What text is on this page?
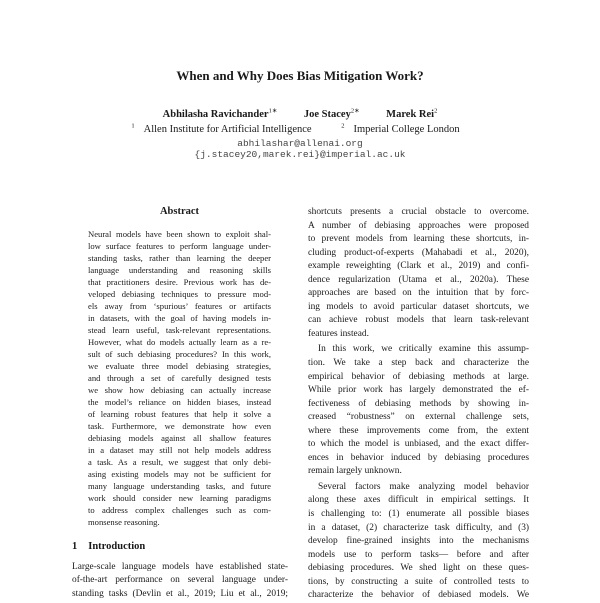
When and Why Does Bias Mitigation Work?
Abhilasha Ravichander$^{1∗}$	Joe Stacey$^{2∗}$	Marek Rei$^2$
$^1$ Allen Institute for Artificial Intelligence	$^2$ Imperial College London
abhilashar@allenai.org
{j.stacey20,marek.rei}@imperial.ac.uk
Abstract
Neural models have been shown to exploit shal-
low surface features to perform language under-
standing tasks, rather than learning the deeper
language understanding and reasoning skills
that practitioners desire. Previous work has de-
veloped debiasing techniques to pressure mod-
els away from ‘spurious’ features or artifacts
in datasets, with the goal of having models in-
stead learn useful, task-relevant representations.
However, what do models actually learn as a re-
sult of such debiasing procedures? In this work,
we evaluate three model debiasing strategies,
and through a set of carefully designed tests
we show how debiasing can actually increase
the model’s reliance on hidden biases, instead
of learning robust features that help it solve a
task. Furthermore, we demonstrate how even
debiasing models against all shallow features
in a dataset may still not help models address
a task. As a result, we suggest that only debi-
asing existing models may not be sufficient for
many language understanding tasks, and future
work should consider new learning paradigms
to address complex challenges such as com-
monsense reasoning.
1 Introduction
Large-scale language models have established state-
of-the-art performance on several language under-
standing tasks (Devlin et al., 2019; Liu et al., 2019;
shortcuts presents a crucial obstacle to overcome.
A number of debiasing approaches were proposed
to prevent models from learning these shortcuts, in-
cluding product-of-experts (Mahabadi et al., 2020),
example reweighting (Clark et al., 2019) and confi-
dence regularization (Utama et al., 2020a). These
approaches are based on the intuition that by forc-
ing models to avoid particular dataset shortcuts, we
can achieve robust models that learn task-relevant
features instead.
In this work, we critically examine this assump-
tion. We take a step back and characterize the
empirical behavior of debiasing methods at large.
While prior work has largely demonstrated the ef-
fectiveness of debiasing methods by showing in-
creased “robustness” on external challenge sets,
where these improvements come from, the extent
to which the model is unbiased, and the exact differ-
ences in behavior induced by debiasing procedures
remain largely unknown.
Several factors make analyzing model behavior
along these axes difficult in empirical settings. It
is challenging to: (1) enumerate all possible biases
in a dataset, (2) characterize task difficulty, and (3)
develop fine-grained insights into the mechanisms
models use to perform tasks— before and after
debiasing procedures. We shed light on these ques-
tions, by constructing a suite of controlled tests to
characterize the behavior of debiased models. We
